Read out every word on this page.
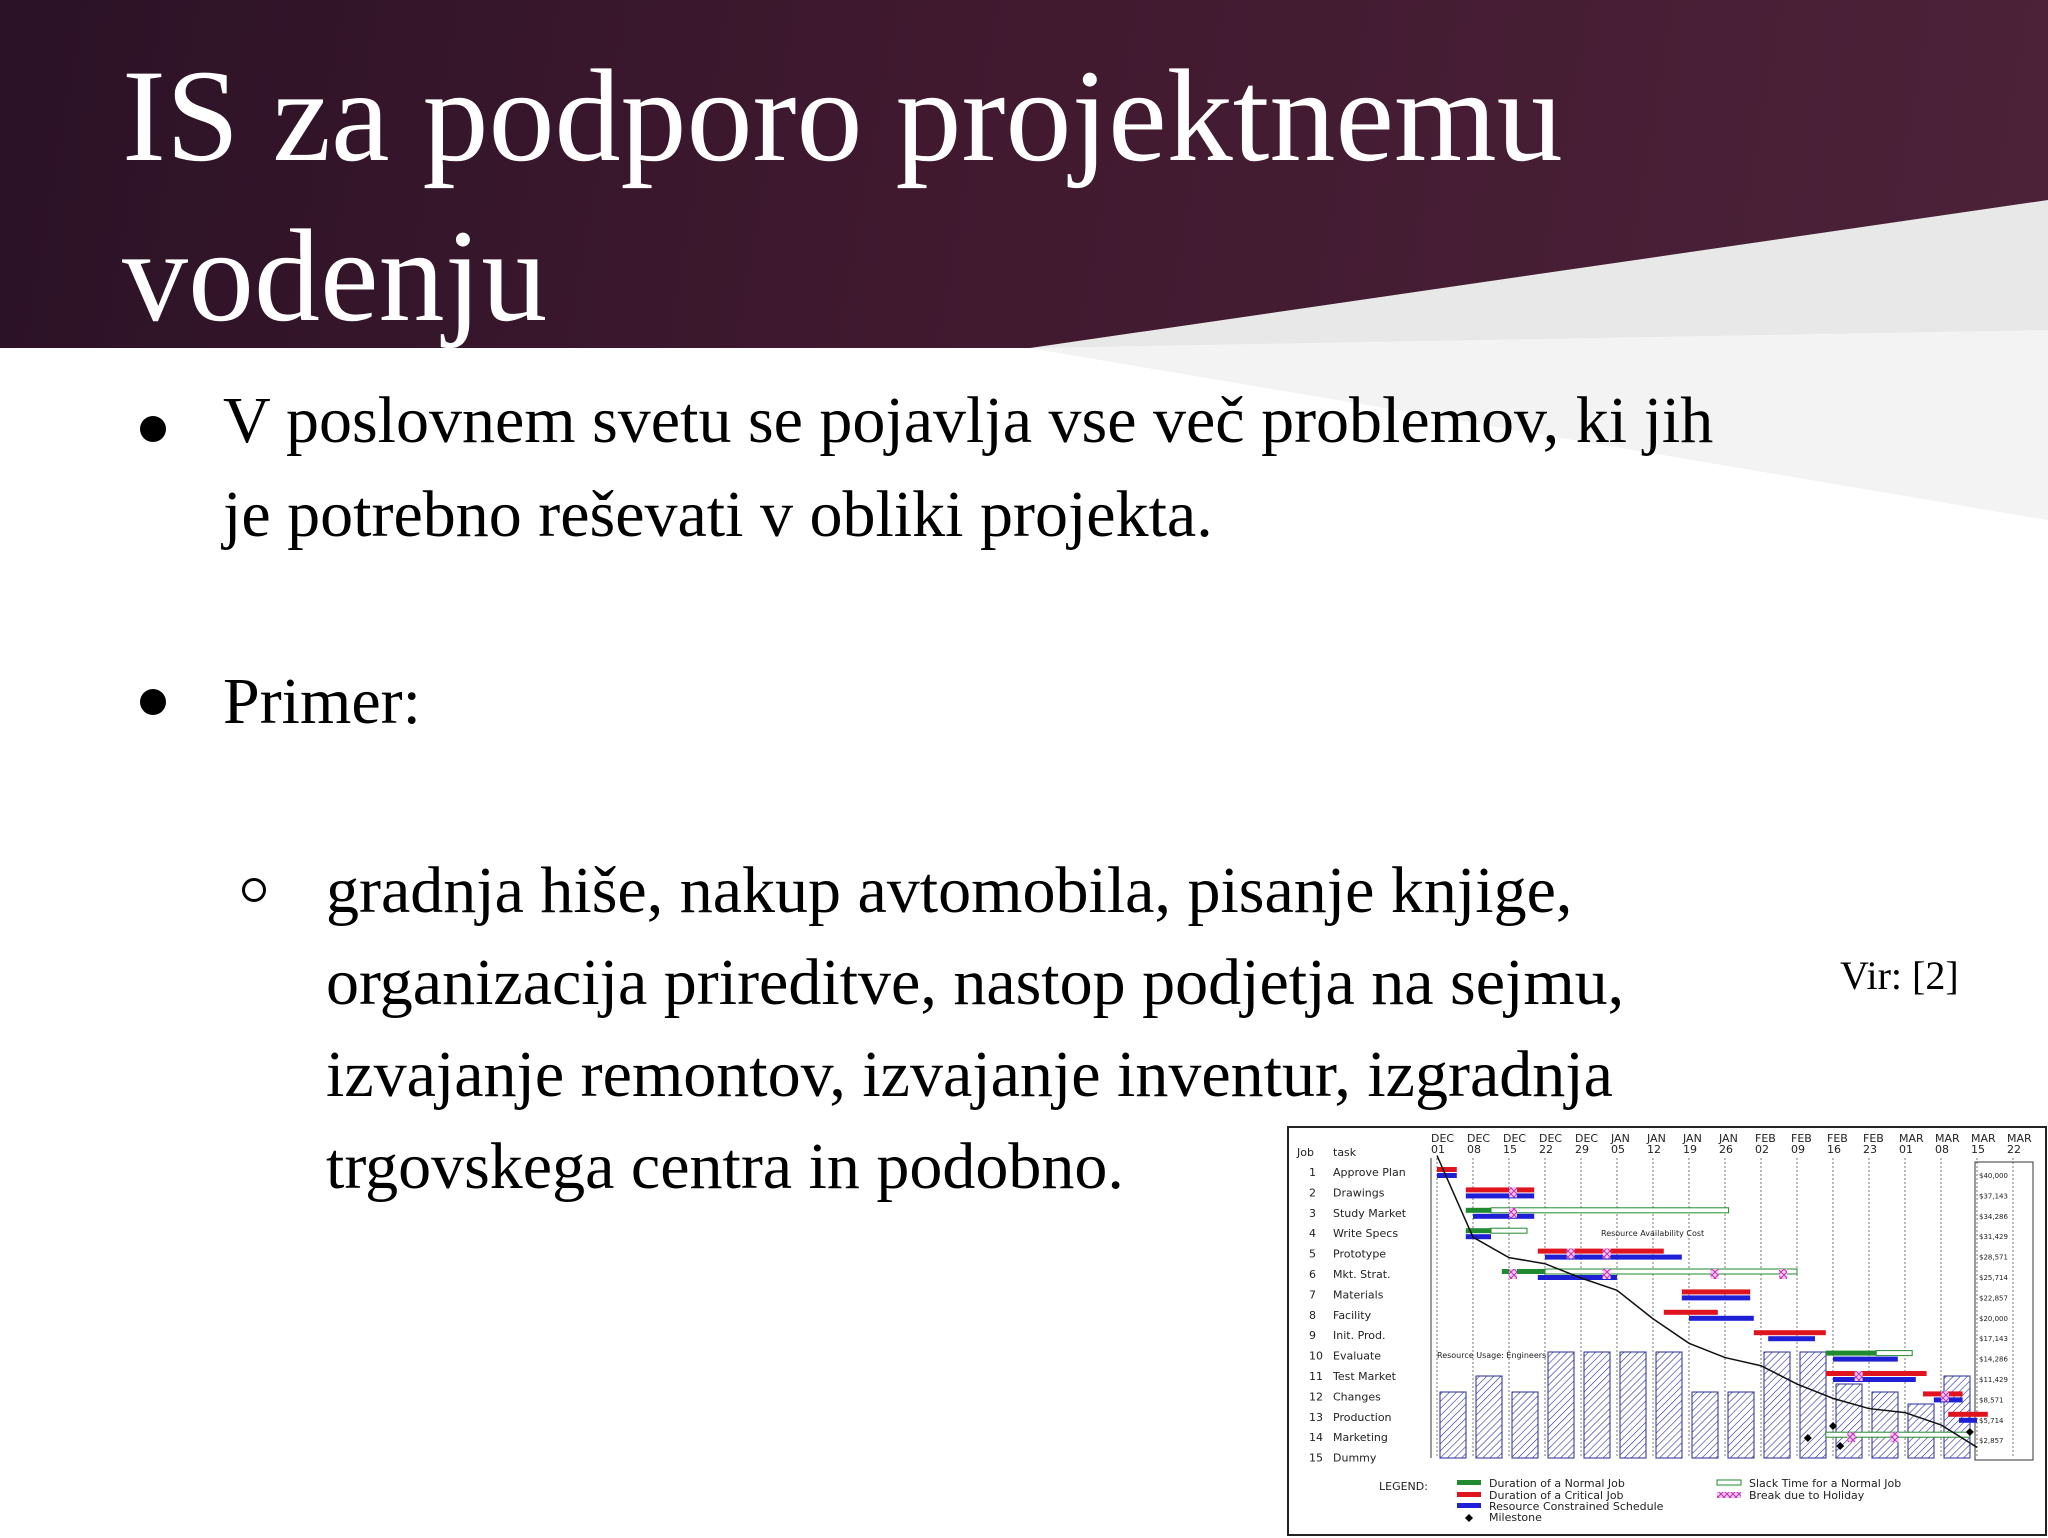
IS za podporo projektnemu
vodenju
V poslovnem svetu se pojavlja vse več problemov, ki jih
je potrebno reševati v obliki projekta.
Primer:
gradnja hiše, nakup avtomobila, pisanje knjige,
organizacija prireditve, nastop podjetja na sejmu,
izvajanje remontov, izvajanje inventur, izgradnja
trgovskega centra in podobno.
Vir: [2]
Job task
DEC
01
DEC
08
DEC
15
DEC
22
DEC
29
JAN
05
JAN
12
JAN
19
JAN
26
FEB
02
FEB
09
FEB
16
FEB
23
MAR
01
MAR
08
MAR
15
MAR
22
1 Approve Plan
2 Drawings
3 Study Market
4 Write Specs
5 Prototype
6 Mkt. Strat.
7 Materials
8 Facility
9 Init. Prod.
10 Evaluate
11 Test Market
12 Changes
13 Production
14 Marketing
15 Dummy
$40,000
$37,143
$34,286
$31,429
$28,571
$25,714
$22,857
$20,000
$17,143
$14,286
$11,429
$8,571
$5,714
$2,857
Resource Availability Cost
Resource Usage: Engineers
LEGEND:	Duration of a Normal Job
Duration of a Critical Job
Resource Constrained Schedule
Milestone
Slack Time for a Normal Job
Break due to Holiday
